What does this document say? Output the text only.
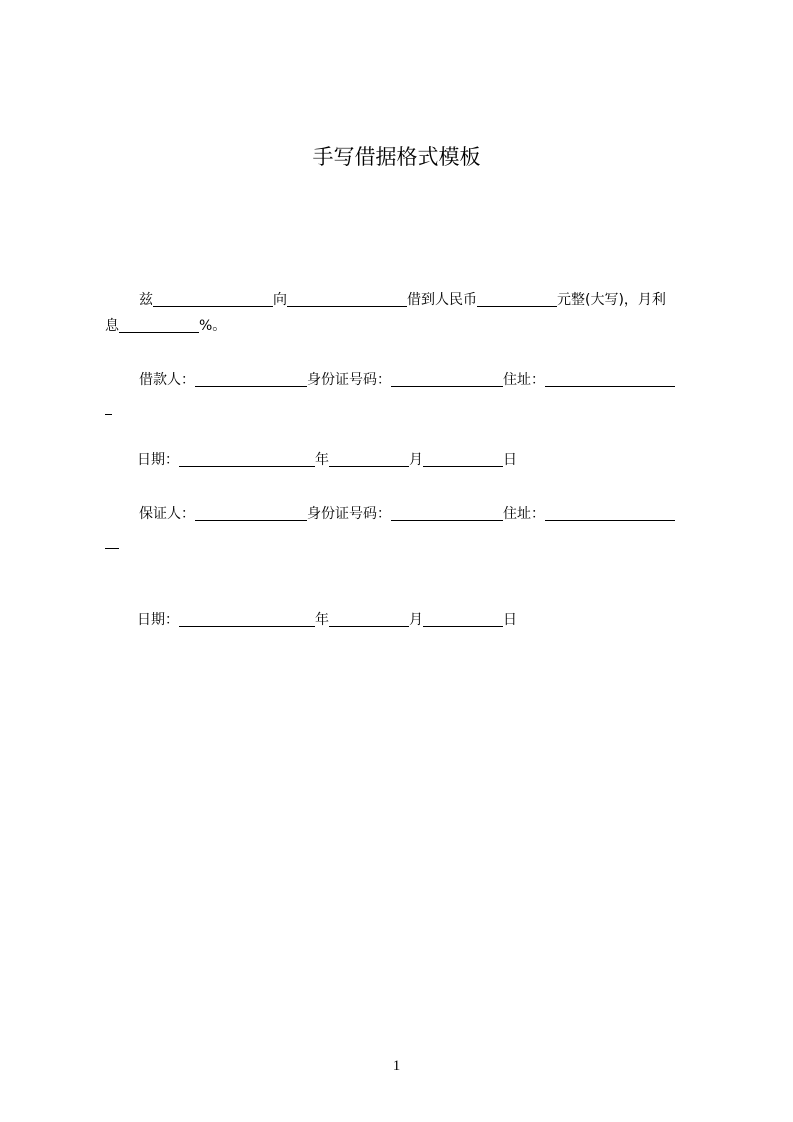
手写借据格式模板
兹	向	借到人民币	元整(大写)，月利
息	%。
借款人：	身份证号码：	住址：
日期：	年	月	日
保证人：	身份证号码：	住址：
日期：	年	月	日
1
